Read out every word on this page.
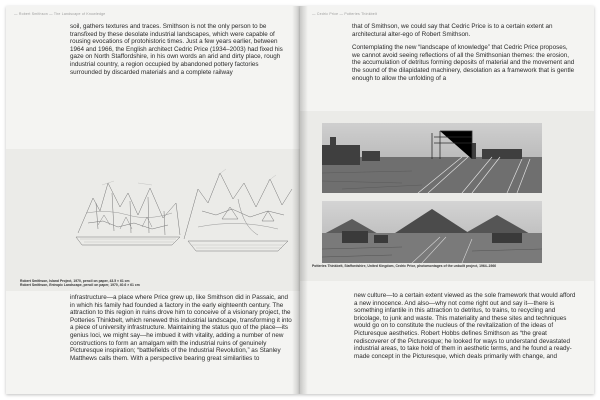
— Robert Smithson — The Landscape of Knowledge

soil, gathers textures and traces. Smithson is not the only person to be transfixed by these desolate industrial landscapes, which were capable of rousing evocations of protohistoric times. Just a few years earlier, between 1964 and 1966, the English architect Cedric Price (1934–2003) had fixed his gaze on North Staffordshire, in his own words an arid and dirty place, rough industrial country, a region occupied by abandoned pottery factories surrounded by discarded materials and a complete railway

Robert Smithson, Island Project, 1970, pencil on paper, 43.5 × 61 cm
Robert Smithson, Entropic Landscape, pencil on paper, 1970, 40.6 × 61 cm

infrastructure—a place where Price grew up, like Smithson did in Passaic, and in which his family had founded a factory in the early eighteenth century. The attraction to this region in ruins drove him to conceive of a visionary project, the Potteries Thinkbelt, which renewed this industrial landscape, transforming it into a piece of university infrastructure. Maintaining the status quo of the place—its genius loci, we might say—he imbued it with vitality, adding a number of new constructions to form an amalgam with the industrial ruins of genuinely Picturesque inspiration; “battlefields of the Industrial Revolution,” as Stanley Matthews calls them. With a perspective bearing great similarities to

— Cedric Price — Potteries Thinkbelt

that of Smithson, we could say that Cedric Price is to a certain extent an architectural alter-ego of Robert Smithson.

Contemplating the new “landscape of knowledge” that Cedric Price proposes, we cannot avoid seeing reflections of all the Smithsonian themes: the erosion, the accumulation of detritus forming deposits of material and the movement and the sound of the dilapidated machinery, desolation as a framework that is gentle enough to allow the unfolding of a

Potteries Thinkbelt, Staffordshire, United Kingdom, Cedric Price, photomontages of the unbuilt project, 1964–1966

new culture—to a certain extent viewed as the sole framework that would afford a new innocence. And also—why not come right out and say it—there is something infantile in this attraction to detritus, to trains, to recycling and bricolage, to junk and waste. This materiality and these sites and techniques would go on to constitute the nucleus of the revitalization of the ideas of Picturesque aesthetics. Robert Hobbs defines Smithson as “the great rediscoverer of the Picturesque; he looked for ways to understand devastated industrial areas, to take hold of them in aesthetic terms, and he found a ready-made concept in the Picturesque, which deals primarily with change, and
